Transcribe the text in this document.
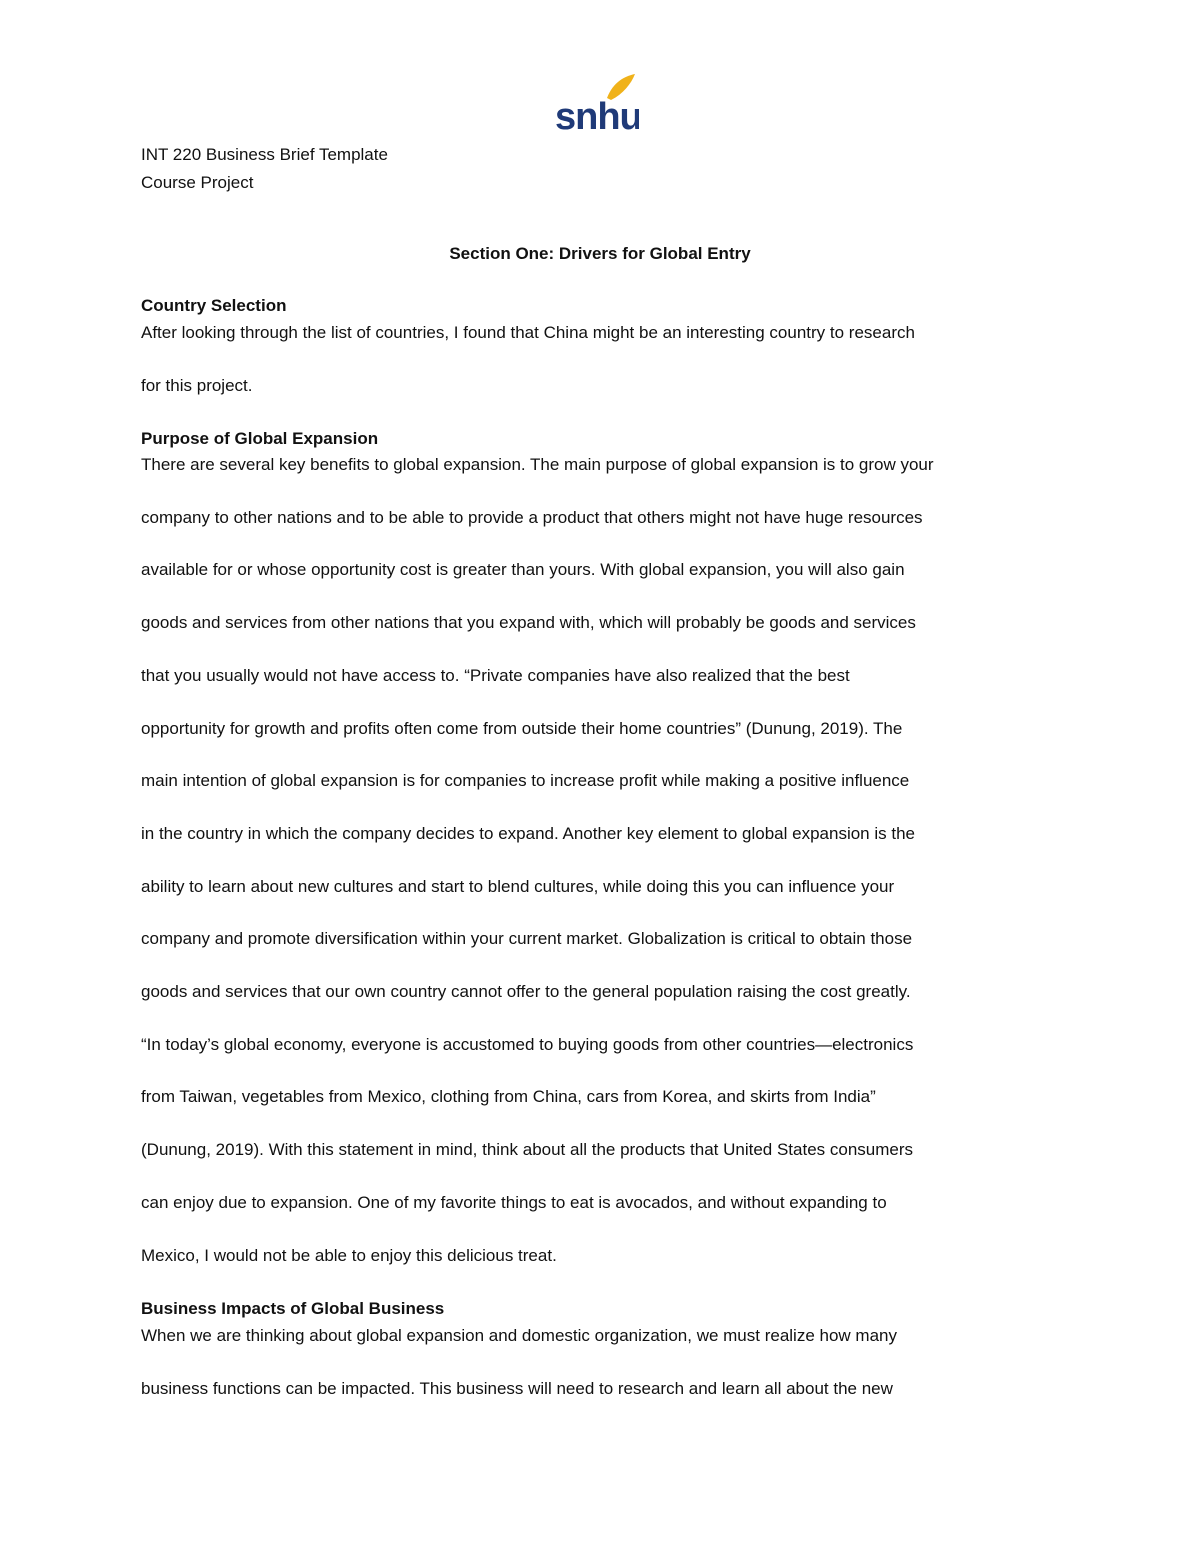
snhu
INT 220 Business Brief Template
Course Project
Section One: Drivers for Global Entry
Country Selection
After looking through the list of countries, I found that China might be an interesting country to research
for this project.
Purpose of Global Expansion
There are several key benefits to global expansion. The main purpose of global expansion is to grow your
company to other nations and to be able to provide a product that others might not have huge resources
available for or whose opportunity cost is greater than yours. With global expansion, you will also gain
goods and services from other nations that you expand with, which will probably be goods and services
that you usually would not have access to. “Private companies have also realized that the best
opportunity for growth and profits often come from outside their home countries” (Dunung, 2019). The
main intention of global expansion is for companies to increase profit while making a positive influence
in the country in which the company decides to expand. Another key element to global expansion is the
ability to learn about new cultures and start to blend cultures, while doing this you can influence your
company and promote diversification within your current market. Globalization is critical to obtain those
goods and services that our own country cannot offer to the general population raising the cost greatly.
“In today’s global economy, everyone is accustomed to buying goods from other countries—electronics
from Taiwan, vegetables from Mexico, clothing from China, cars from Korea, and skirts from India”
(Dunung, 2019). With this statement in mind, think about all the products that United States consumers
can enjoy due to expansion. One of my favorite things to eat is avocados, and without expanding to
Mexico, I would not be able to enjoy this delicious treat.
Business Impacts of Global Business
When we are thinking about global expansion and domestic organization, we must realize how many
business functions can be impacted. This business will need to research and learn all about the new
